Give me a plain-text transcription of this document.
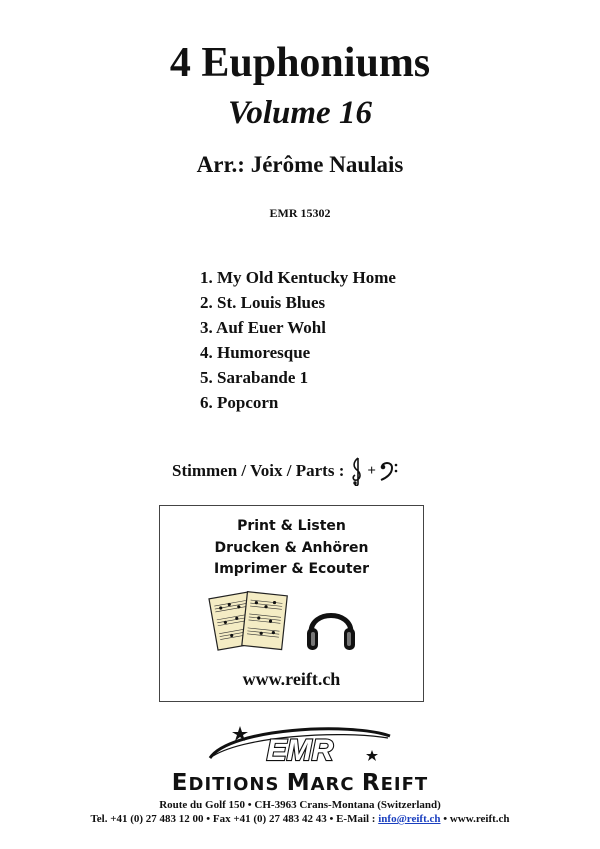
4 Euphoniums
Volume 16
Arr.: Jérôme Naulais
EMR 15302
1. My Old Kentucky Home
2. St. Louis Blues
3. Auf Euer Wohl
4. Humoresque
5. Sarabande 1
6. Popcorn
Stimmen / Voix / Parts : +
Print & Listen
Drucken & Anhören
Imprimer & Ecouter
www.reift.ch
EMR
EDITIONS MARC REIFT
Route du Golf 150 • CH-3963 Crans-Montana (Switzerland)
Tel. +41 (0) 27 483 12 00 • Fax +41 (0) 27 483 42 43 • E-Mail : info@reift.ch • www.reift.ch
